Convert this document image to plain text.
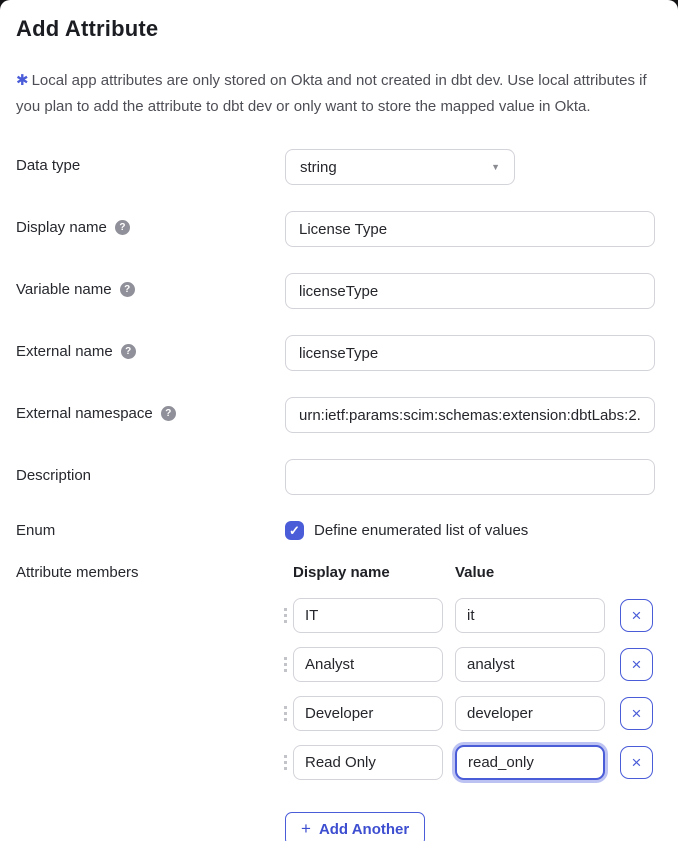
Add Attribute

✱ Local app attributes are only stored on Okta and not created in dbt dev. Use local attributes if you plan to add the attribute to dbt dev or only want to store the mapped value in Okta.

Data type	string	▼
Display name	?
License Type
Variable name	?
licenseType
External name	?
licenseType
External namespace	?
urn:ietf:params:scim:schemas:extension:dbtLabs:2.0
Description
Enum	✓ Define enumerated list of values
Attribute members	Display name	Value
IT
it
×
Analyst
analyst
×
Developer
developer
×
Read Only
read_only
×
+ Add Another
